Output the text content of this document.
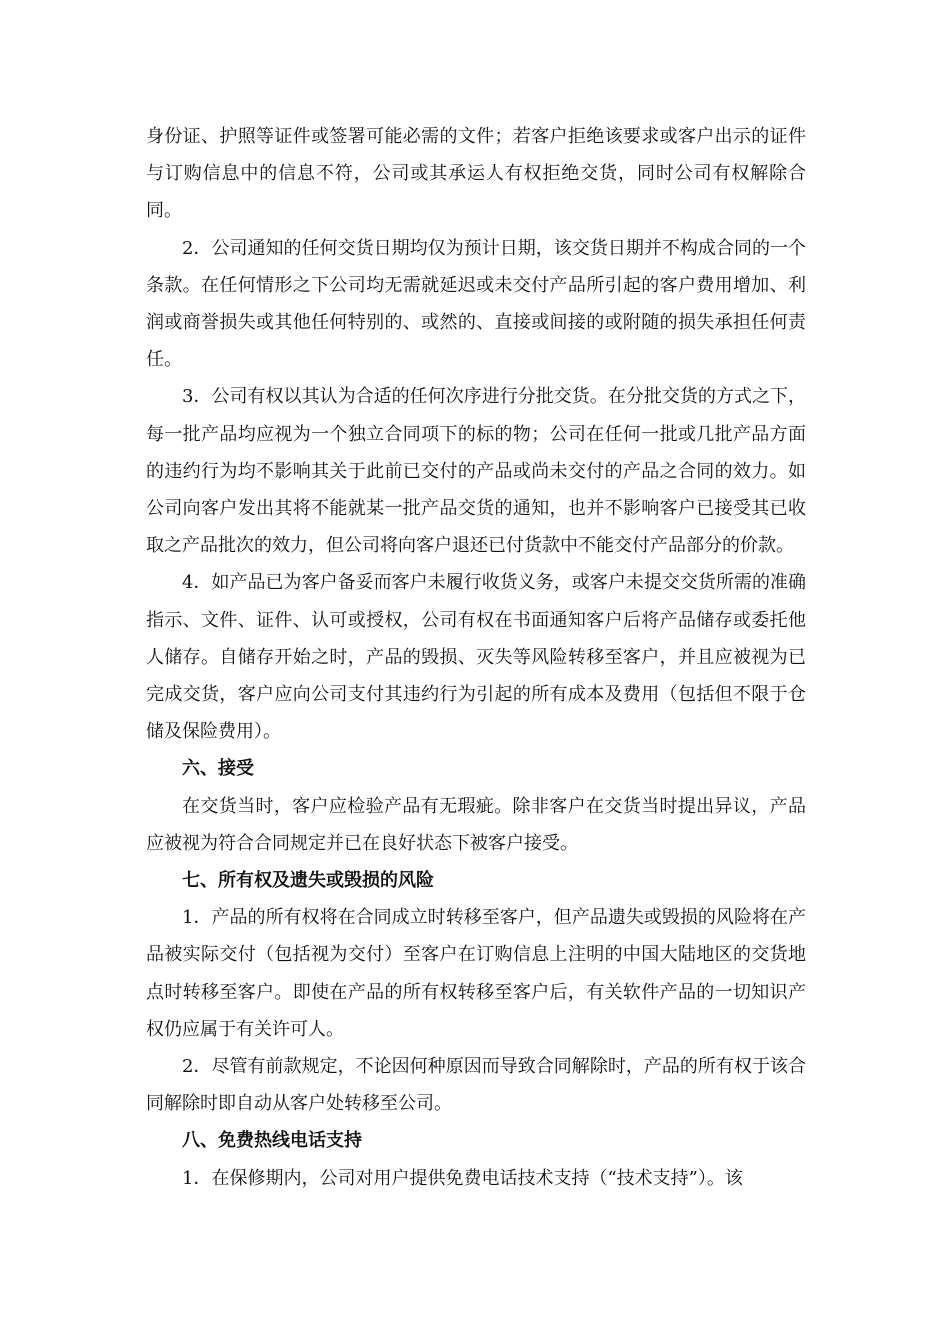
身份证、护照等证件或签署可能必需的文件；若客户拒绝该要求或客户出示的证件与订购信息中的信息不符，公司或其承运人有权拒绝交货，同时公司有权解除合同。

2．公司通知的任何交货日期均仅为预计日期，该交货日期并不构成合同的一个条款。在任何情形之下公司均无需就延迟或未交付产品所引起的客户费用增加、利润或商誉损失或其他任何特别的、或然的、直接或间接的或附随的损失承担任何责任。

3．公司有权以其认为合适的任何次序进行分批交货。在分批交货的方式之下，每一批产品均应视为一个独立合同项下的标的物；公司在任何一批或几批产品方面的违约行为均不影响其关于此前已交付的产品或尚未交付的产品之合同的效力。如公司向客户发出其将不能就某一批产品交货的通知，也并不影响客户已接受其已收取之产品批次的效力，但公司将向客户退还已付货款中不能交付产品部分的价款。

4．如产品已为客户备妥而客户未履行收货义务，或客户未提交交货所需的准确指示、文件、证件、认可或授权，公司有权在书面通知客户后将产品储存或委托他人储存。自储存开始之时，产品的毁损、灭失等风险转移至客户，并且应被视为已完成交货，客户应向公司支付其违约行为引起的所有成本及费用（包括但不限于仓储及保险费用）。

六、接受

在交货当时，客户应检验产品有无瑕疵。除非客户在交货当时提出异议，产品应被视为符合合同规定并已在良好状态下被客户接受。

七、所有权及遗失或毁损的风险

1．产品的所有权将在合同成立时转移至客户，但产品遗失或毁损的风险将在产品被实际交付（包括视为交付）至客户在订购信息上注明的中国大陆地区的交货地点时转移至客户。即使在产品的所有权转移至客户后，有关软件产品的一切知识产权仍应属于有关许可人。

2．尽管有前款规定，不论因何种原因而导致合同解除时，产品的所有权于该合同解除时即自动从客户处转移至公司。

八、免费热线电话支持

1．在保修期内，公司对用户提供免费电话技术支持（“技术支持”）。该
